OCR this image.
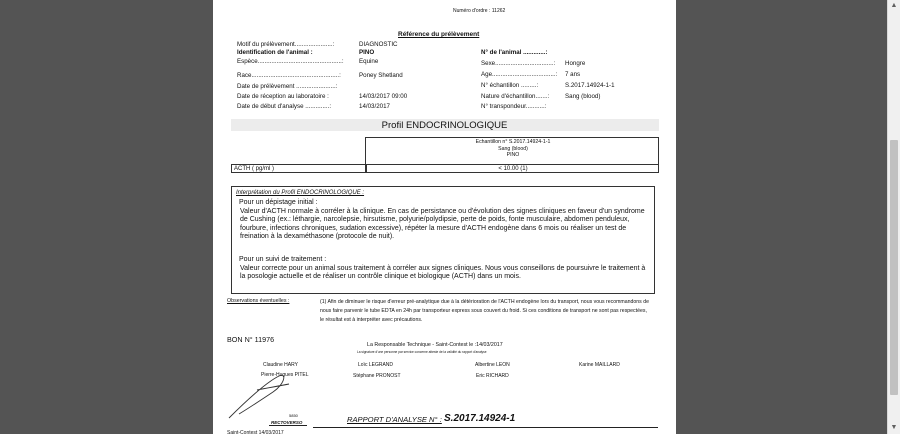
Numéro d'ordre : 11262
Référence du prélèvement
Motif du prélèvement......................:	DIAGNOSTIC
Identification de l'animal :	PINO
Espèce.................................................: Equine
Race...................................................:	Poney Shetland
Date de prélèvement .......................:
Date de réception au laboratoire :	14/03/2017 09:00
Date de début d'analyse ..............:	14/03/2017
N° de l'animal .............:
Sexe..................................: Hongre
Age.....................................: 7 ans
N° échantillon .........:	S.2017.14924-1-1
Nature d'échantillon.......:	Sang (blood)
N° transpondeur...........:
Profil ENDOCRINOLOGIQUE
Echantillon n° S.2017.14924-1-1
Sang (blood)
PINO
ACTH ( pg/ml )	< 10.00 (1)
Interprétation du Profil ENDOCRINOLOGIQUE :
Pour un dépistage initial :
Valeur d'ACTH normale à corréler à la clinique. En cas de persistance ou d'évolution des signes cliniques en faveur d'un syndrome de Cushing (ex.: léthargie, narcolepsie, hirsutisme, polyurie/polydipsie, perte de poids, fonte musculaire, abdomen penduleux, fourbure, infections chroniques, sudation excessive), répéter la mesure d'ACTH endogène dans 6 mois ou réaliser un test de freination à la dexaméthasone (protocole de nuit).
Pour un suivi de traitement :
Valeur correcte pour un animal sous traitement à corréler aux signes cliniques. Nous vous conseillons de poursuivre le traitement à la posologie actuelle et de réaliser un contrôle clinique et biologique (ACTH) dans un mois.
Observations éventuelles :	(1) Afin de diminuer le risque d'erreur pré-analytique due à la détérioration de l'ACTH endogène lors du transport, nous vous recommandons de nous faire parvenir le tube EDTA en 24h par transporteur express sous couvert du froid. Si ces conditions de transport ne sont pas respectées, le résultat est à interpréter avec précautions.
BON N° 11976
La Responsable Technique - Saint-Contest le :14/03/2017
La signature d'une personne par service concerne atteste de la validité du rapport d'analyse
Claudine HARY	Loïc LEGRAND	Albertine LEON	Karine MAILLARD
Pierre-Hugues PITEL	Stéphane PRONOST	Eric RICHARD
RECTOVERSO
5850	RAPPORT D'ANALYSE N° : S.2017.14924-1
Saint-Contest 14/03/2017
▲
▼
